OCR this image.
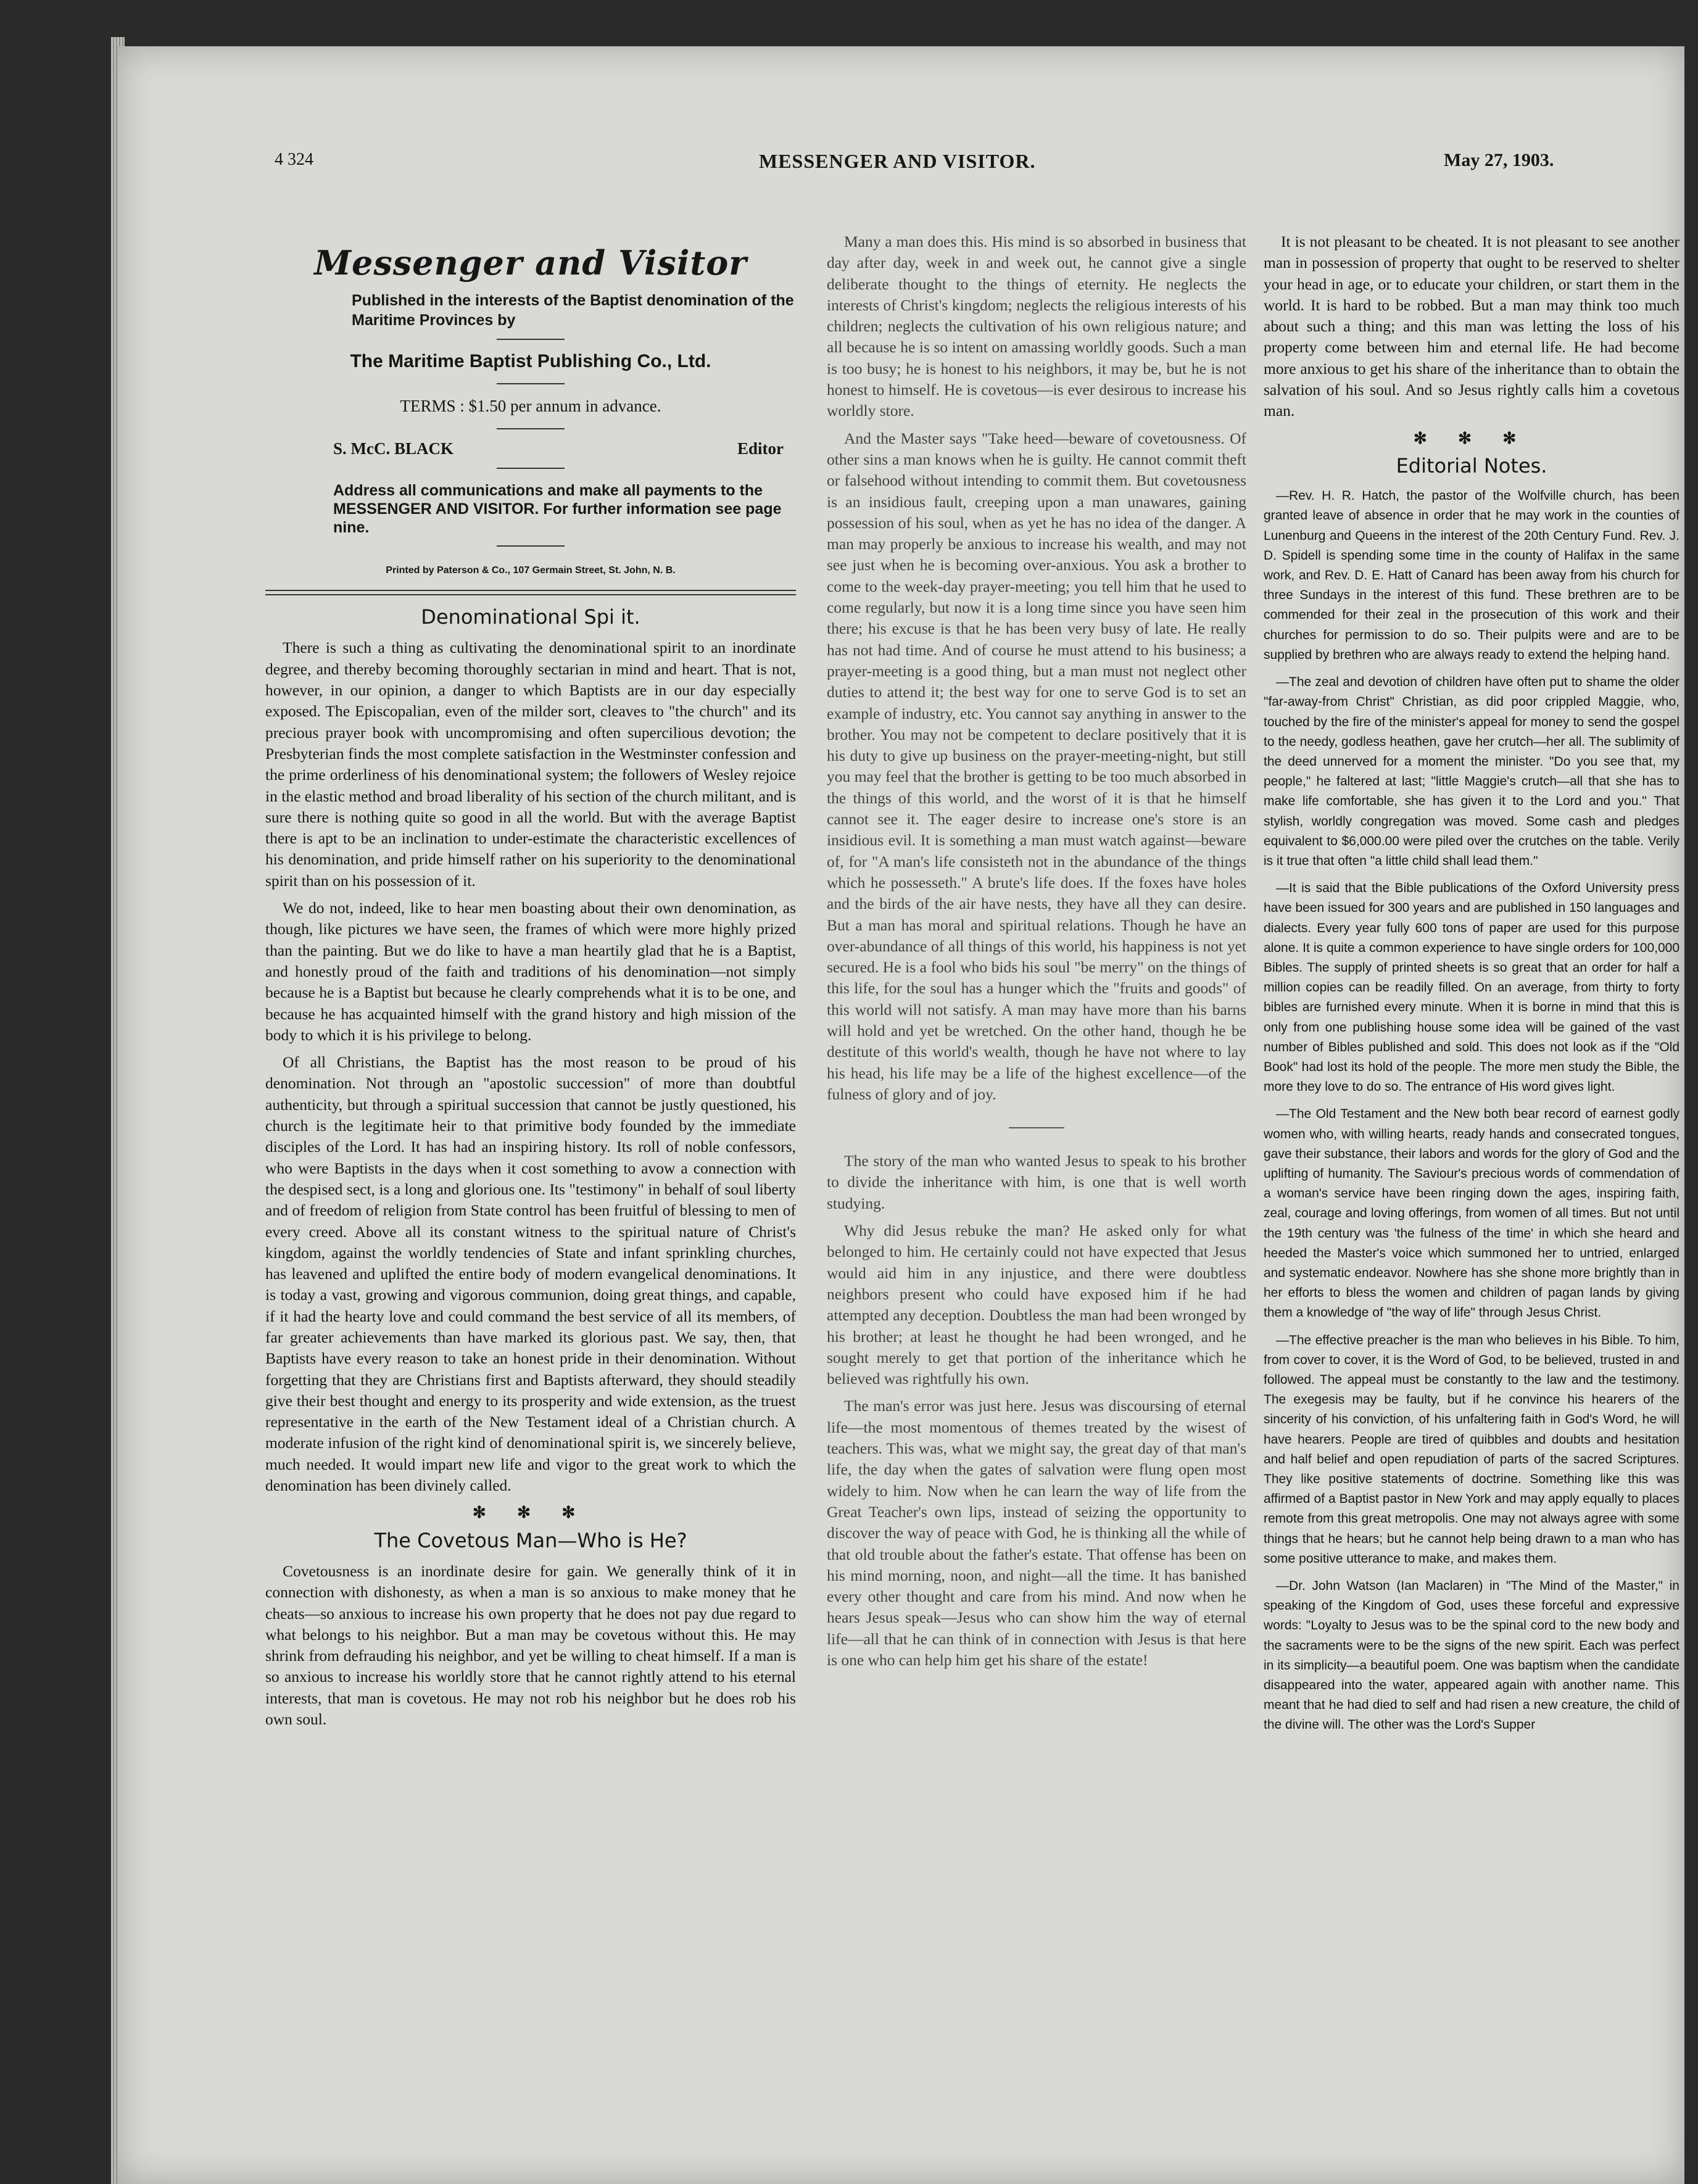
4 324	MESSENGER AND VISITOR.	May 27, 1903.
Messenger and Visitor
Published in the interests of the Baptist denomination of the Maritime Provinces by
The Maritime Baptist Publishing Co., Ltd.
TERMS : $1.50 per annum in advance.
S. McC. BLACK	Editor
Address all communications and make all payments to the MESSENGER AND VISITOR. For further information see page nine.
Printed by Paterson & Co., 107 Germain Street, St. John, N. B.
Denominational Spi it.

There is such a thing as cultivating the denominational spirit to an inordinate degree, and thereby becoming thoroughly sectarian in mind and heart. That is not, however, in our opinion, a danger to which Baptists are in our day especially exposed. The Episcopalian, even of the milder sort, cleaves to "the church" and its precious prayer book with uncompromising and often supercilious devotion; the Presbyterian finds the most complete satisfaction in the Westminster confession and the prime orderliness of his denominational system; the followers of Wesley rejoice in the elastic method and broad liberality of his section of the church militant, and is sure there is nothing quite so good in all the world. But with the average Baptist there is apt to be an inclination to under-estimate the characteristic excellences of his denomination, and pride himself rather on his superiority to the denominational spirit than on his possession of it.

We do not, indeed, like to hear men boasting about their own denomination, as though, like pictures we have seen, the frames of which were more highly prized than the painting. But we do like to have a man heartily glad that he is a Baptist, and honestly proud of the faith and traditions of his denomination—not simply because he is a Baptist but because he clearly comprehends what it is to be one, and because he has acquainted himself with the grand history and high mission of the body to which it is his privilege to belong.

Of all Christians, the Baptist has the most reason to be proud of his denomination. Not through an "apostolic succession" of more than doubtful authenticity, but through a spiritual succession that cannot be justly questioned, his church is the legitimate heir to that primitive body founded by the immediate disciples of the Lord. It has had an inspiring history. Its roll of noble confessors, who were Baptists in the days when it cost something to avow a connection with the despised sect, is a long and glorious one. Its "testimony" in behalf of soul liberty and of freedom of religion from State control has been fruitful of blessing to men of every creed. Above all its constant witness to the spiritual nature of Christ's kingdom, against the worldly tendencies of State and infant sprinkling churches, has leavened and uplifted the entire body of modern evangelical denominations. It is today a vast, growing and vigorous communion, doing great things, and capable, if it had the hearty love and could command the best service of all its members, of far greater achievements than have marked its glorious past. We say, then, that Baptists have every reason to take an honest pride in their denomination. Without forgetting that they are Christians first and Baptists afterward, they should steadily give their best thought and energy to its prosperity and wide extension, as the truest representative in the earth of the New Testament ideal of a Christian church. A moderate infusion of the right kind of denominational spirit is, we sincerely believe, much needed. It would impart new life and vigor to the great work to which the denomination has been divinely called.

✻ ✻ ✻
The Covetous Man—Who is He?

Covetousness is an inordinate desire for gain. We generally think of it in connection with dishonesty, as when a man is so anxious to make money that he cheats—so anxious to increase his own property that he does not pay due regard to what belongs to his neighbor. But a man may be covetous without this. He may shrink from defrauding his neighbor, and yet be willing to cheat himself. If a man is so anxious to increase his worldly store that he cannot rightly attend to his eternal interests, that man is covetous. He may not rob his neighbor but he does rob his own soul.

Many a man does this. His mind is so absorbed in business that day after day, week in and week out, he cannot give a single deliberate thought to the things of eternity. He neglects the interests of Christ's kingdom; neglects the religious interests of his children; neglects the cultivation of his own religious nature; and all because he is so intent on amassing worldly goods. Such a man is too busy; he is honest to his neighbors, it may be, but he is not honest to himself. He is covetous—is ever desirous to increase his worldly store.

And the Master says "Take heed—beware of covetousness. Of other sins a man knows when he is guilty. He cannot commit theft or falsehood without intending to commit them. But covetousness is an insidious fault, creeping upon a man unawares, gaining possession of his soul, when as yet he has no idea of the danger. A man may properly be anxious to increase his wealth, and may not see just when he is becoming over-anxious. You ask a brother to come to the week-day prayer-meeting; you tell him that he used to come regularly, but now it is a long time since you have seen him there; his excuse is that he has been very busy of late. He really has not had time. And of course he must attend to his business; a prayer-meeting is a good thing, but a man must not neglect other duties to attend it; the best way for one to serve God is to set an example of industry, etc. You cannot say anything in answer to the brother. You may not be competent to declare positively that it is his duty to give up business on the prayer-meeting-night, but still you may feel that the brother is getting to be too much absorbed in the things of this world, and the worst of it is that he himself cannot see it. The eager desire to increase one's store is an insidious evil. It is something a man must watch against—beware of, for "A man's life consisteth not in the abundance of the things which he possesseth." A brute's life does. If the foxes have holes and the birds of the air have nests, they have all they can desire. But a man has moral and spiritual relations. Though he have an over-abundance of all things of this world, his happiness is not yet secured. He is a fool who bids his soul "be merry" on the things of this life, for the soul has a hunger which the "fruits and goods" of this world will not satisfy. A man may have more than his barns will hold and yet be wretched. On the other hand, though he be destitute of this world's wealth, though he have not where to lay his head, his life may be a life of the highest excellence—of the fulness of glory and of joy.

The story of the man who wanted Jesus to speak to his brother to divide the inheritance with him, is one that is well worth studying.

Why did Jesus rebuke the man? He asked only for what belonged to him. He certainly could not have expected that Jesus would aid him in any injustice, and there were doubtless neighbors present who could have exposed him if he had attempted any deception. Doubtless the man had been wronged by his brother; at least he thought he had been wronged, and he sought merely to get that portion of the inheritance which he believed was rightfully his own.

The man's error was just here. Jesus was discoursing of eternal life—the most momentous of themes treated by the wisest of teachers. This was, what we might say, the great day of that man's life, the day when the gates of salvation were flung open most widely to him. Now when he can learn the way of life from the Great Teacher's own lips, instead of seizing the opportunity to discover the way of peace with God, he is thinking all the while of that old trouble about the father's estate. That offense has been on his mind morning, noon, and night—all the time. It has banished every other thought and care from his mind. And now when he hears Jesus speak—Jesus who can show him the way of eternal life—all that he can think of in connection with Jesus is that here is one who can help him get his share of the estate!

It is not pleasant to be cheated. It is not pleasant to see another man in possession of property that ought to be reserved to shelter your head in age, or to educate your children, or start them in the world. It is hard to be robbed. But a man may think too much about such a thing; and this man was letting the loss of his property come between him and eternal life. He had become more anxious to get his share of the inheritance than to obtain the salvation of his soul. And so Jesus rightly calls him a covetous man.

✻ ✻ ✻
Editorial Notes.

—Rev. H. R. Hatch, the pastor of the Wolfville church, has been granted leave of absence in order that he may work in the counties of Lunenburg and Queens in the interest of the 20th Century Fund. Rev. J. D. Spidell is spending some time in the county of Halifax in the same work, and Rev. D. E. Hatt of Canard has been away from his church for three Sundays in the interest of this fund. These brethren are to be commended for their zeal in the prosecution of this work and their churches for permission to do so. Their pulpits were and are to be supplied by brethren who are always ready to extend the helping hand.

—The zeal and devotion of children have often put to shame the older "far-away-from Christ" Christian, as did poor crippled Maggie, who, touched by the fire of the minister's appeal for money to send the gospel to the needy, godless heathen, gave her crutch—her all. The sublimity of the deed unnerved for a moment the minister. "Do you see that, my people," he faltered at last; "little Maggie's crutch—all that she has to make life comfortable, she has given it to the Lord and you." That stylish, worldly congregation was moved. Some cash and pledges equivalent to $6,000.00 were piled over the crutches on the table. Verily is it true that often "a little child shall lead them."

—It is said that the Bible publications of the Oxford University press have been issued for 300 years and are published in 150 languages and dialects. Every year fully 600 tons of paper are used for this purpose alone. It is quite a common experience to have single orders for 100,000 Bibles. The supply of printed sheets is so great that an order for half a million copies can be readily filled. On an average, from thirty to forty bibles are furnished every minute. When it is borne in mind that this is only from one publishing house some idea will be gained of the vast number of Bibles published and sold. This does not look as if the "Old Book" had lost its hold of the people. The more men study the Bible, the more they love to do so. The entrance of His word gives light.

—The Old Testament and the New both bear record of earnest godly women who, with willing hearts, ready hands and consecrated tongues, gave their substance, their labors and words for the glory of God and the uplifting of humanity. The Saviour's precious words of commendation of a woman's service have been ringing down the ages, inspiring faith, zeal, courage and loving offerings, from women of all times. But not until the 19th century was 'the fulness of the time' in which she heard and heeded the Master's voice which summoned her to untried, enlarged and systematic endeavor. Nowhere has she shone more brightly than in her efforts to bless the women and children of pagan lands by giving them a knowledge of "the way of life" through Jesus Christ.

—The effective preacher is the man who believes in his Bible. To him, from cover to cover, it is the Word of God, to be believed, trusted in and followed. The appeal must be constantly to the law and the testimony. The exegesis may be faulty, but if he convince his hearers of the sincerity of his conviction, of his unfaltering faith in God's Word, he will have hearers. People are tired of quibbles and doubts and hesitation and half belief and open repudiation of parts of the sacred Scriptures. They like positive statements of doctrine. Something like this was affirmed of a Baptist pastor in New York and may apply equally to places remote from this great metropolis. One may not always agree with some things that he hears; but he cannot help being drawn to a man who has some positive utterance to make, and makes them.

—Dr. John Watson (Ian Maclaren) in "The Mind of the Master," in speaking of the Kingdom of God, uses these forceful and expressive words: "Loyalty to Jesus was to be the spinal cord to the new body and the sacraments were to be the signs of the new spirit. Each was perfect in its simplicity—a beautiful poem. One was baptism when the candidate disappeared into the water, appeared again with another name. This meant that he had died to self and had risen a new creature, the child of the divine will. The other was the Lord's Supper
